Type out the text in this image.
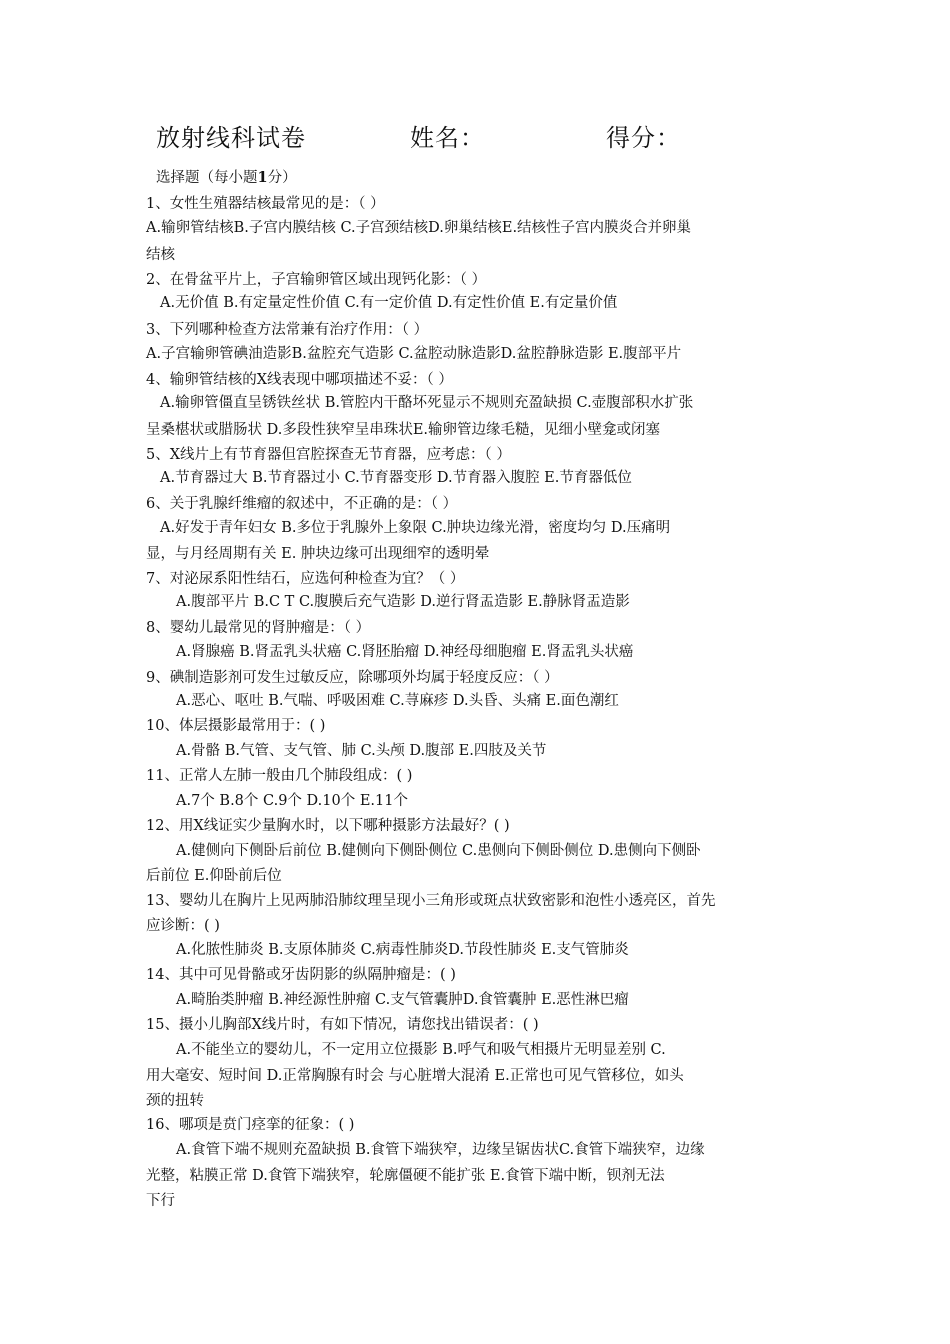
放射线科试卷	姓名：	得分：
选择题（每小题1分）
1、女性生殖器结核最常见的是：（ ）
A.输卵管结核B.子宫内膜结核 C.子宫颈结核D.卵巢结核E.结核性子宫内膜炎合并卵巢
结核
2、在骨盆平片上，子宫输卵管区域出现钙化影：（ ）
A.无价值 B.有定量定性价值 C.有一定价值 D.有定性价值 E.有定量价值
3、下列哪种检查方法常兼有治疗作用：（ ）
A.子宫输卵管碘油造影B.盆腔充气造影 C.盆腔动脉造影D.盆腔静脉造影 E.腹部平片
4、输卵管结核的X线表现中哪项描述不妥：（ ）
A.输卵管僵直呈锈铁丝状 B.管腔内干酪坏死显示不规则充盈缺损 C.壶腹部积水扩张
呈桑椹状或腊肠状 D.多段性狭窄呈串珠状E.输卵管边缘毛糙，见细小壁龛或闭塞
5、X线片上有节育器但宫腔探查无节育器，应考虑：（ ）
A.节育器过大 B.节育器过小 C.节育器变形 D.节育器入腹腔 E.节育器低位
6、关于乳腺纤维瘤的叙述中，不正确的是：（ ）
A.好发于青年妇女 B.多位于乳腺外上象限 C.肿块边缘光滑，密度均匀 D.压痛明
显，与月经周期有关 E. 肿块边缘可出现细窄的透明晕
7、对泌尿系阳性结石，应选何种检查为宜？（ ）
A.腹部平片 B.C T C.腹膜后充气造影 D.逆行肾盂造影 E.静脉肾盂造影
8、婴幼儿最常见的肾肿瘤是：（ ）
A.肾腺癌 B.肾盂乳头状癌 C.肾胚胎瘤 D.神经母细胞瘤 E.肾盂乳头状癌
9、碘制造影剂可发生过敏反应，除哪项外均属于轻度反应：（ ）
A.恶心、呕吐 B.气喘、呼吸困难 C.荨麻疹 D.头昏、头痛 E.面色潮红
10、体层摄影最常用于：( )
A.骨骼 B.气管、支气管、肺 C.头颅 D.腹部 E.四肢及关节
11、正常人左肺一般由几个肺段组成：( )
A.7个 B.8个 C.9个 D.10个 E.11个
12、用X线证实少量胸水时，以下哪种摄影方法最好？( )
A.健侧向下侧卧后前位 B.健侧向下侧卧侧位 C.患侧向下侧卧侧位 D.患侧向下侧卧
后前位 E.仰卧前后位
13、婴幼儿在胸片上见两肺沿肺纹理呈现小三角形或斑点状致密影和泡性小透亮区，首先
应诊断：( )
A.化脓性肺炎 B.支原体肺炎 C.病毒性肺炎D.节段性肺炎 E.支气管肺炎
14、其中可见骨骼或牙齿阴影的纵隔肿瘤是：( )
A.畸胎类肿瘤 B.神经源性肿瘤 C.支气管囊肿D.食管囊肿 E.恶性淋巴瘤
15、摄小儿胸部X线片时，有如下情况，请您找出错误者：( )
A.不能坐立的婴幼儿，不一定用立位摄影 B.呼气和吸气相摄片无明显差别 C.
用大毫安、短时间 D.正常胸腺有时会 与心脏增大混淆 E.正常也可见气管移位，如头
颈的扭转
16、哪项是贲门痉挛的征象：( )
A.食管下端不规则充盈缺损 B.食管下端狭窄，边缘呈锯齿状C.食管下端狭窄，边缘
光整，粘膜正常 D.食管下端狭窄，轮廓僵硬不能扩张 E.食管下端中断，钡剂无法
下行
